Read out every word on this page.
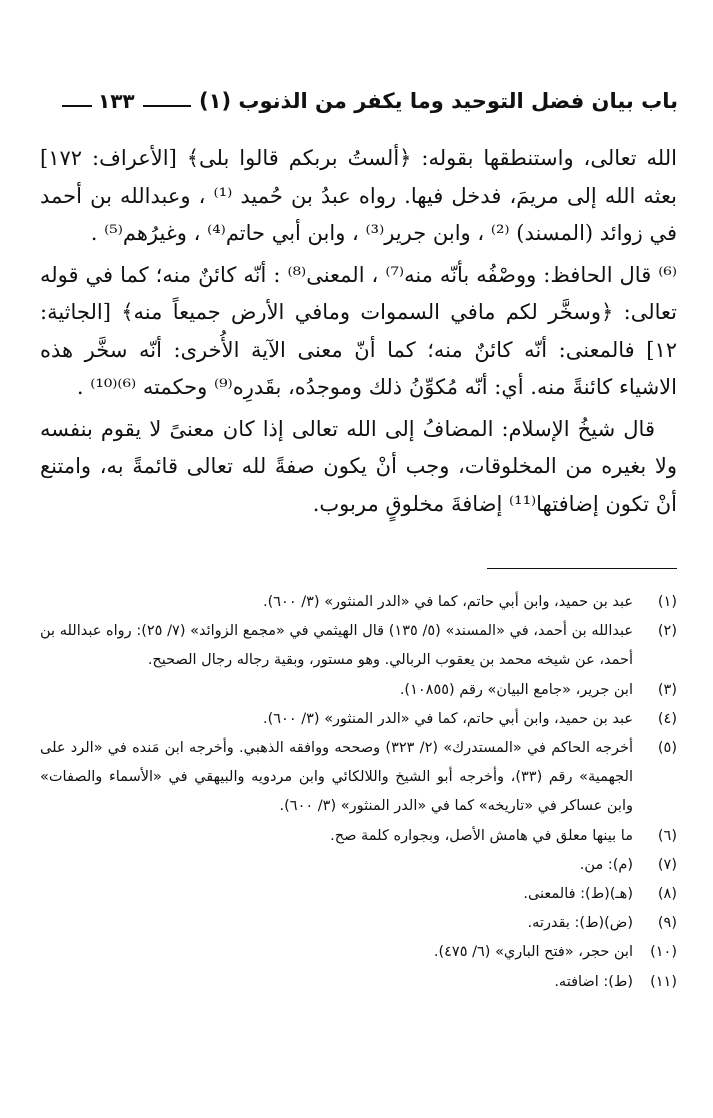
باب بيان فضل التوحيد وما يكفر من الذنوب (١)
١٣٣

الله تعالى، واستنطقها بقوله: ﴿ألستُ بربكم قالوا بلى﴾ [الأعراف: ١٧٢] بعثه الله إلى مريمَ، فدخل فيها. رواه عبدُ بن حُميد ⁽¹⁾ ، وعبدالله بن أحمد في زوائد (المسند) ⁽²⁾ ، وابن جرير⁽³⁾ ، وابن أبي حاتم⁽⁴⁾ ، وغيرُهم⁽⁵⁾ .

⁽⁶⁾ قال الحافظ: ووصْفُه بأنّه منه⁽⁷⁾ ، المعنى⁽⁸⁾ : أنّه كائنٌ منه؛ كما في قوله تعالى: ﴿وسخَّر لكم مافي السموات ومافي الأرض جميعاً منه﴾ [الجاثية: ١٢] فالمعنى: أنّه كائنٌ منه؛ كما أنّ معنى الآية الأُخرى: أنّه سخَّر هذه الاشياء كائنةً منه. أي: أنّه مُكوِّنُ ذلك وموجدُه، بقَدرِه⁽⁹⁾ وحكمته ⁽⁶⁾⁽¹⁰⁾ .

قال شيخُ الإسلام: المضافُ إلى الله تعالى إذا كان معنىً لا يقوم بنفسه ولا بغيره من المخلوقات، وجب أنْ يكون صفةً لله تعالى قائمةً به، وامتنع أنْ تكون إضافتها⁽¹¹⁾ إضافةَ مخلوقٍ مربوب.

(١)
عبد بن حميد، وابن أبي حاتم، كما في «الدر المنثور» (٣/ ٦٠٠).
(٢)
عبدالله بن أحمد، في «المسند» (٥/ ١٣٥) قال الهيثمي في «مجمع الزوائد» (٧/ ٢٥): رواه عبدالله بن أحمد، عن شيخه محمد بن يعقوب الربالي. وهو مستور، وبقية رجاله رجال الصحيح.
(٣)
ابن جرير، «جامع البيان» رقم (١٠٨٥٥).
(٤)
عبد بن حميد، وابن أبي حاتم، كما في «الدر المنثور» (٣/ ٦٠٠).
(٥)
أخرجه الحاكم في «المستدرك» (٢/ ٣٢٣) وصححه ووافقه الذهبي. وأخرجه ابن مَنده في «الرد على الجهمية» رقم (٣٣)، وأخرجه أبو الشيخ واللالكائي وابن مردويه والبيهقي في «الأسماء والصفات» وابن عساكر في «تاريخه» كما في «الدر المنثور» (٣/ ٦٠٠).
(٦)
ما بينها معلق في هامش الأصل، وبجواره كلمة صح.
(٧)
(م): من.
(٨)
(هـ)(ط): فالمعنى.
(٩)
(ض)(ط): بقدرته.
(١٠)
ابن حجر، «فتح الباري» (٦/ ٤٧٥).
(١١)
(ط): اضافته.
